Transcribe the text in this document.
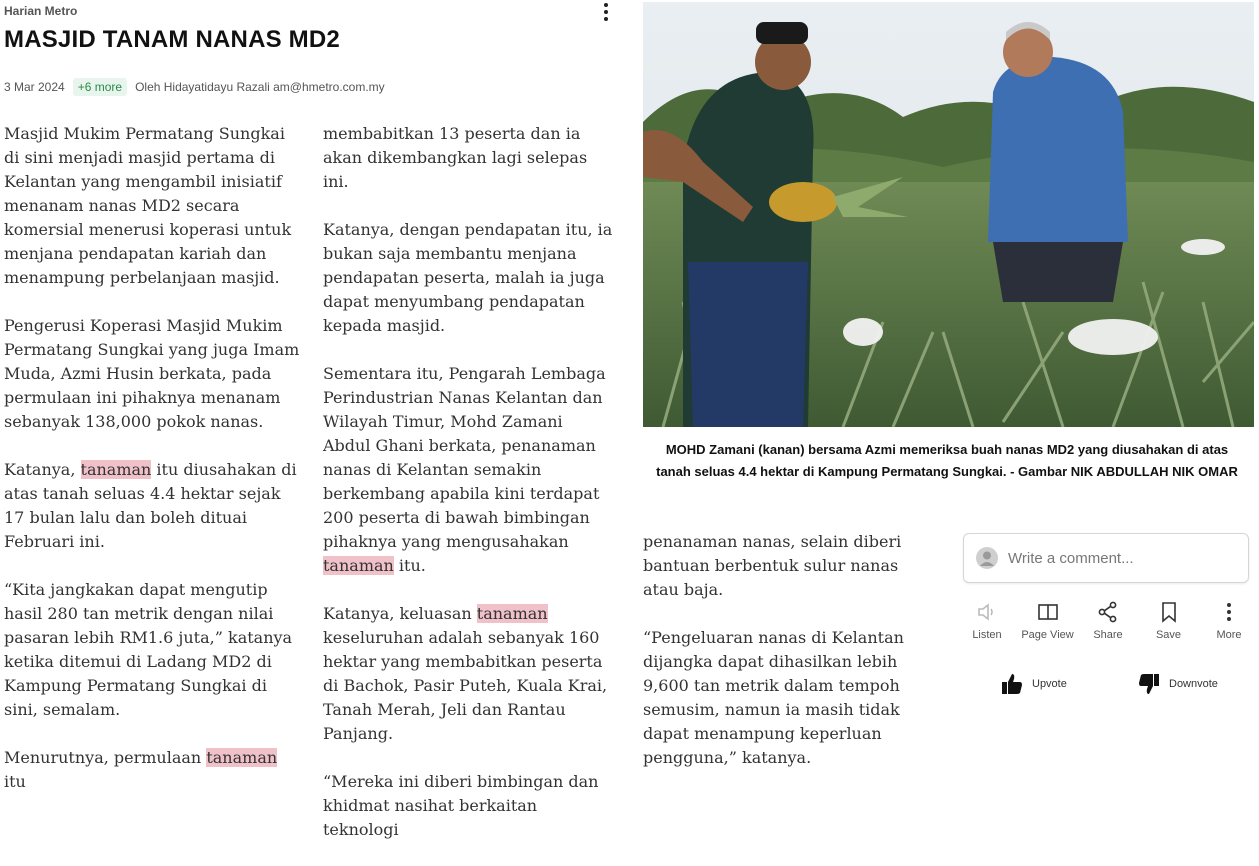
Harian Metro
MASJID TANAM NANAS MD2
3 Mar 2024	+6 more	Oleh Hidayatidayu Razali am@hmetro.com.my

Masjid Mukim Permatang Sungkai di sini menjadi masjid pertama di Kelantan yang mengambil inisiatif menanam nanas MD2 secara komersial menerusi koperasi untuk menjana pendapatan kariah dan menampung perbelanjaan masjid.

Pengerusi Koperasi Masjid Mukim Permatang Sungkai yang juga Imam Muda, Azmi Husin berkata, pada permulaan ini pihaknya menanam sebanyak 138,000 pokok nanas.

Katanya, tanaman itu diusahakan di atas tanah seluas 4.4 hektar sejak 17 bulan lalu dan boleh dituai Februari ini.

“Kita jangkakan dapat mengutip hasil 280 tan metrik dengan nilai pasaran lebih RM1.6 juta,” katanya ketika ditemui di Ladang MD2 di Kampung Permatang Sungkai di sini, semalam.

Menurutnya, permulaan tanaman itu

membabitkan 13 peserta dan ia akan dikembangkan lagi selepas ini.

Katanya, dengan pendapatan itu, ia bukan saja membantu menjana pendapatan peserta, malah ia juga dapat menyumbang pendapatan kepada masjid.

Sementara itu, Pengarah Lembaga Perindustrian Nanas Kelantan dan Wilayah Timur, Mohd Zamani Abdul Ghani berkata, penanaman nanas di Kelantan semakin berkembang apabila kini terdapat 200 peserta di bawah bimbingan pihaknya yang mengusahakan tanaman itu.

Katanya, keluasan tanaman keseluruhan adalah sebanyak 160 hektar yang membabitkan peserta di Bachok, Pasir Puteh, Kuala Krai, Tanah Merah, Jeli dan Rantau Panjang.

“Mereka ini diberi bimbingan dan khidmat nasihat berkaitan teknologi

MOHD Zamani (kanan) bersama Azmi memeriksa buah nanas MD2 yang diusahakan di atas tanah seluas 4.4 hektar di Kampung Permatang Sungkai. - Gambar NIK ABDULLAH NIK OMAR

penanaman nanas, selain diberi bantuan berbentuk sulur nanas atau baja.

“Pengeluaran nanas di Kelantan dijangka dapat dihasilkan lebih 9,600 tan metrik dalam tempoh semusim, namun ia masih tidak dapat menampung keperluan pengguna,” katanya.

Write a comment...
Listen Page View Share	Save	More
Upvote	Downvote
